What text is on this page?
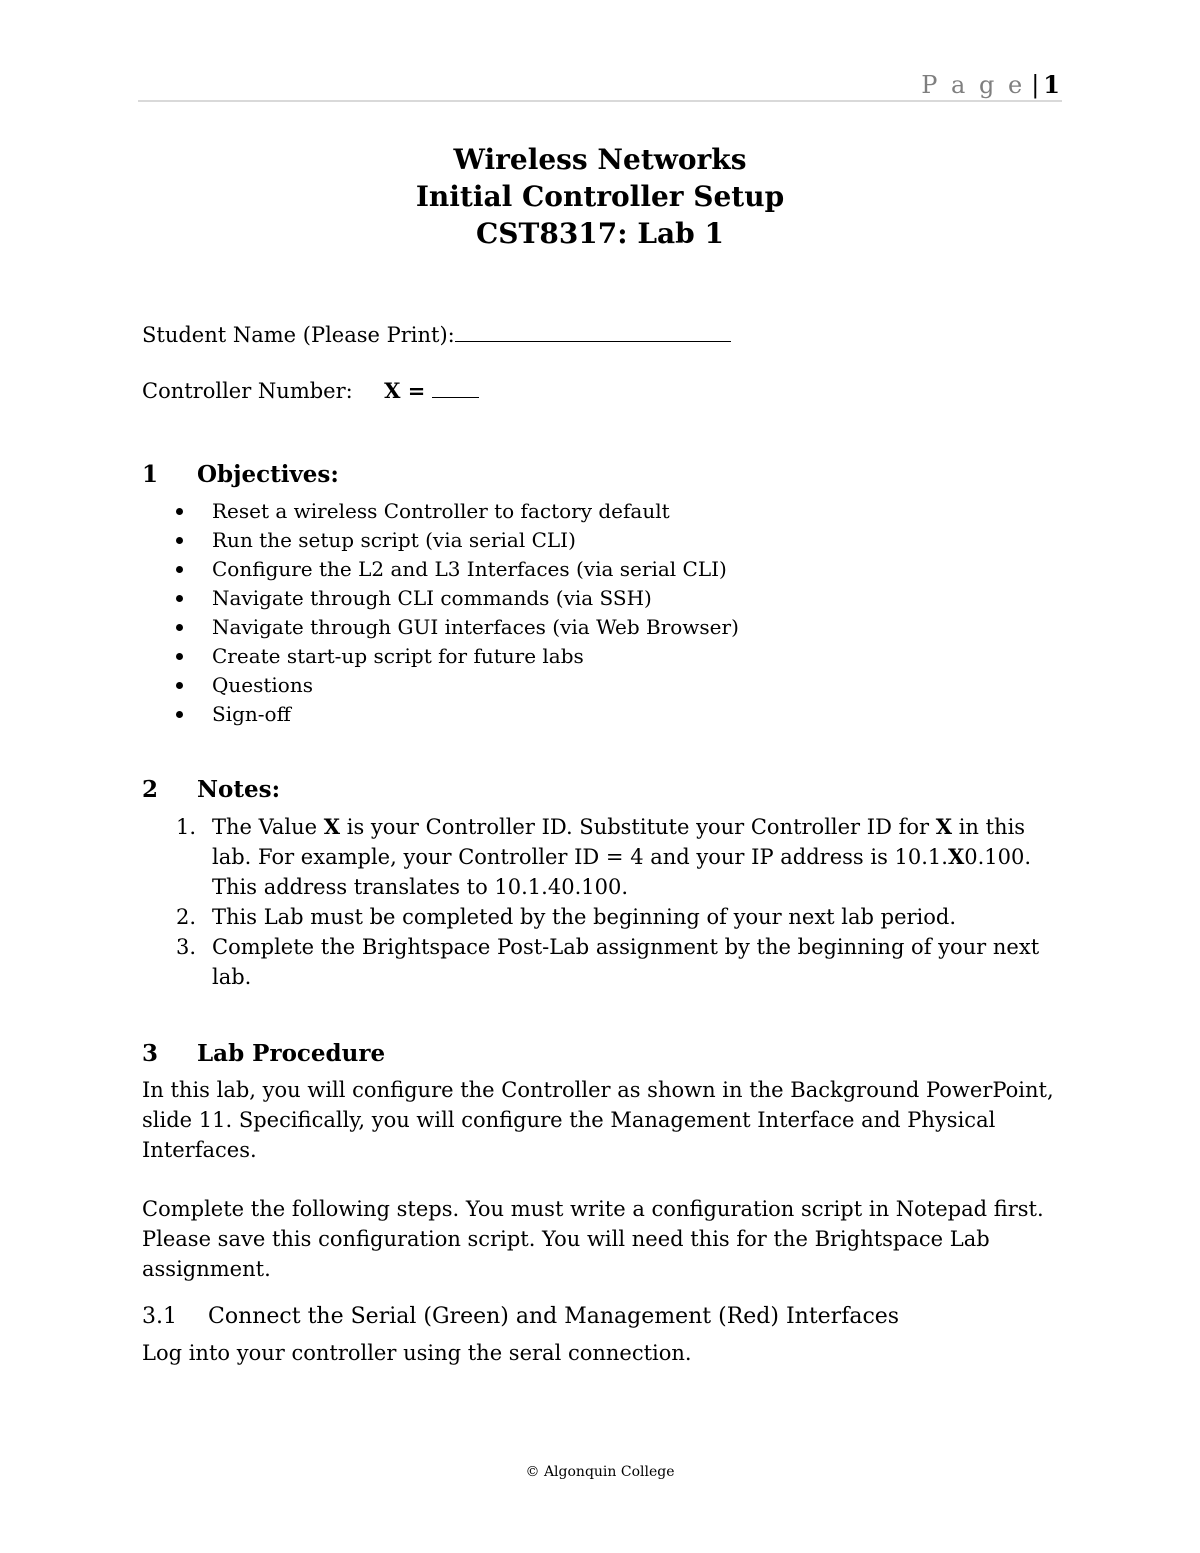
P a g e | 1
Wireless Networks
Initial Controller Setup
CST8317: Lab 1
Student Name (Please Print):
Controller Number: X =
1 Objectives:
Reset a wireless Controller to factory default
Run the setup script (via serial CLI)
Configure the L2 and L3 Interfaces (via serial CLI)
Navigate through CLI commands (via SSH)
Navigate through GUI interfaces (via Web Browser)
Create start-up script for future labs
Questions
Sign-off
2 Notes:
1. The Value X is your Controller ID. Substitute your Controller ID for X in this lab. For example, your Controller ID = 4 and your IP address is 10.1.X0.100. This address translates to 10.1.40.100.
2. This Lab must be completed by the beginning of your next lab period.
3. Complete the Brightspace Post-Lab assignment by the beginning of your next lab.
3 Lab Procedure
In this lab, you will configure the Controller as shown in the Background PowerPoint, slide 11. Specifically, you will configure the Management Interface and Physical Interfaces.
Complete the following steps. You must write a configuration script in Notepad first. Please save this configuration script. You will need this for the Brightspace Lab assignment.
3.1 Connect the Serial (Green) and Management (Red) Interfaces
Log into your controller using the seral connection.
© Algonquin College
